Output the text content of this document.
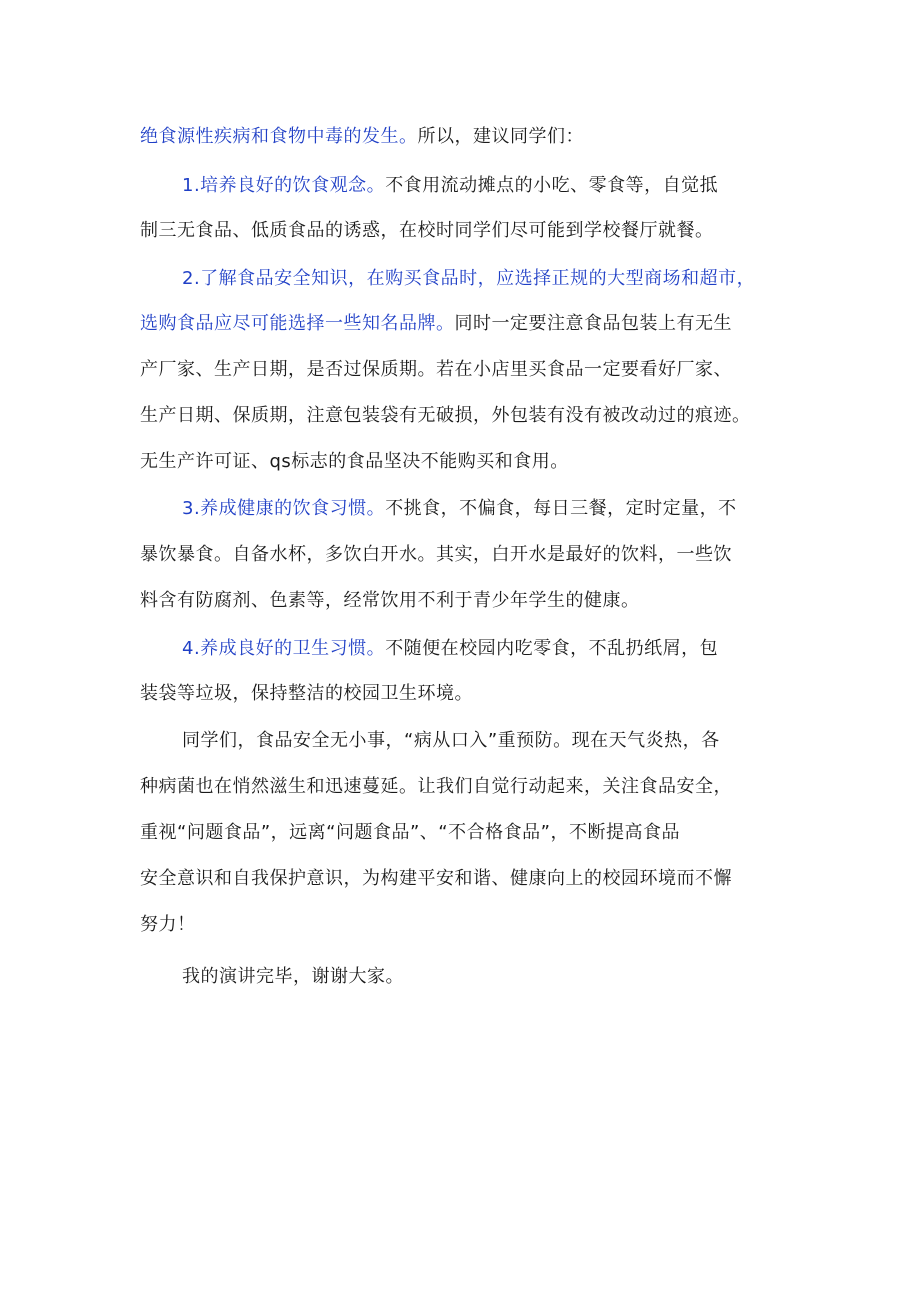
绝食源性疾病和食物中毒的发生。所以，建议同学们：
1.培养良好的饮食观念。不食用流动摊点的小吃、零食等，自觉抵
制三无食品、低质食品的诱惑，在校时同学们尽可能到学校餐厅就餐。
2.了解食品安全知识，在购买食品时，应选择正规的大型商场和超市，
选购食品应尽可能选择一些知名品牌。同时一定要注意食品包装上有无生
产厂家、生产日期，是否过保质期。若在小店里买食品一定要看好厂家、
生产日期、保质期，注意包装袋有无破损，外包装有没有被改动过的痕迹。
无生产许可证、qs标志的食品坚决不能购买和食用。
3.养成健康的饮食习惯。不挑食，不偏食，每日三餐，定时定量，不
暴饮暴食。自备水杯，多饮白开水。其实，白开水是最好的饮料，一些饮
料含有防腐剂、色素等，经常饮用不利于青少年学生的健康。
4.养成良好的卫生习惯。不随便在校园内吃零食，不乱扔纸屑，包
装袋等垃圾，保持整洁的校园卫生环境。
同学们，食品安全无小事，“病从口入”重预防。现在天气炎热，各
种病菌也在悄然滋生和迅速蔓延。让我们自觉行动起来，关注食品安全，
重视“问题食品”，远离“问题食品”、“不合格食品”，不断提高食品
安全意识和自我保护意识，为构建平安和谐、健康向上的校园环境而不懈
努力！
我的演讲完毕，谢谢大家。
